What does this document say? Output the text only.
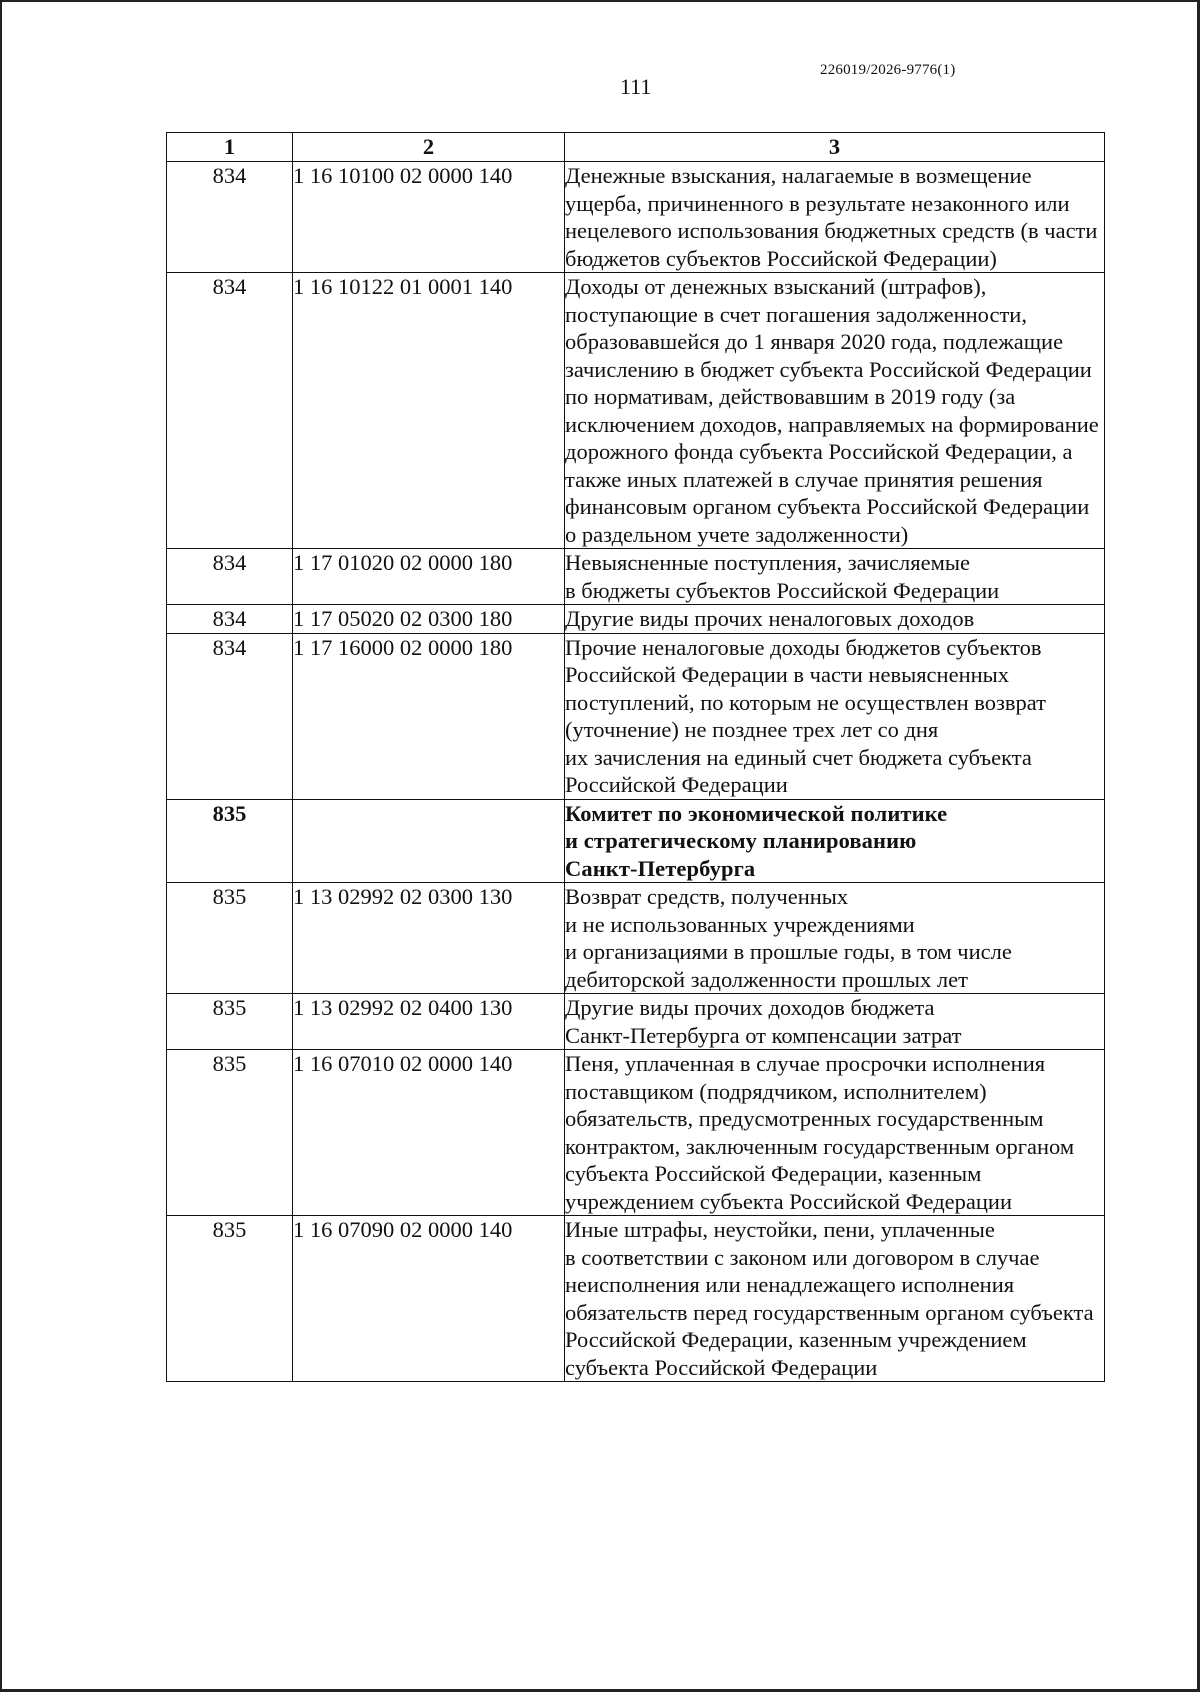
226019/2026-9776(1)
111
1	2	3
834	1 16 10100 02 0000 140	Денежные взыскания, налагаемые в возмещение ущерба, причиненного в результате незаконного или нецелевого использования бюджетных средств (в части бюджетов субъектов Российской Федерации)
834	1 16 10122 01 0001 140	Доходы от денежных взысканий (штрафов), поступающие в счет погашения задолженности, образовавшейся до 1 января 2020 года, подлежащие зачислению в бюджет субъекта Российской Федерации по нормативам, действовавшим в 2019 году (за исключением доходов, направляемых на формирование дорожного фонда субъекта Российской Федерации, а также иных платежей в случае принятия решения финансовым органом субъекта Российской Федерации о раздельном учете задолженности)
834	1 17 01020 02 0000 180	Невыясненные поступления, зачисляемые
в бюджеты субъектов Российской Федерации
834	1 17 05020 02 0300 180	Другие виды прочих неналоговых доходов
834	1 17 16000 02 0000 180	Прочие неналоговые доходы бюджетов субъектов Российской Федерации в части невыясненных поступлений, по которым не осуществлен возврат (уточнение) не позднее трех лет со дня
их зачисления на единый счет бюджета субъекта Российской Федерации
835		Комитет по экономической политике
и стратегическому планированию
Санкт-Петербурга
835	1 13 02992 02 0300 130	Возврат средств, полученных
и не использованных учреждениями
и организациями в прошлые годы, в том числе дебиторской задолженности прошлых лет
835	1 13 02992 02 0400 130	Другие виды прочих доходов бюджета
Санкт-Петербурга от компенсации затрат
835	1 16 07010 02 0000 140	Пеня, уплаченная в случае просрочки исполнения поставщиком (подрядчиком, исполнителем) обязательств, предусмотренных государственным контрактом, заключенным государственным органом субъекта Российской Федерации, казенным учреждением субъекта Российской Федерации
835	1 16 07090 02 0000 140	Иные штрафы, неустойки, пени, уплаченные
в соответствии с законом или договором в случае неисполнения или ненадлежащего исполнения обязательств перед государственным органом субъекта Российской Федерации, казенным учреждением субъекта Российской Федерации
